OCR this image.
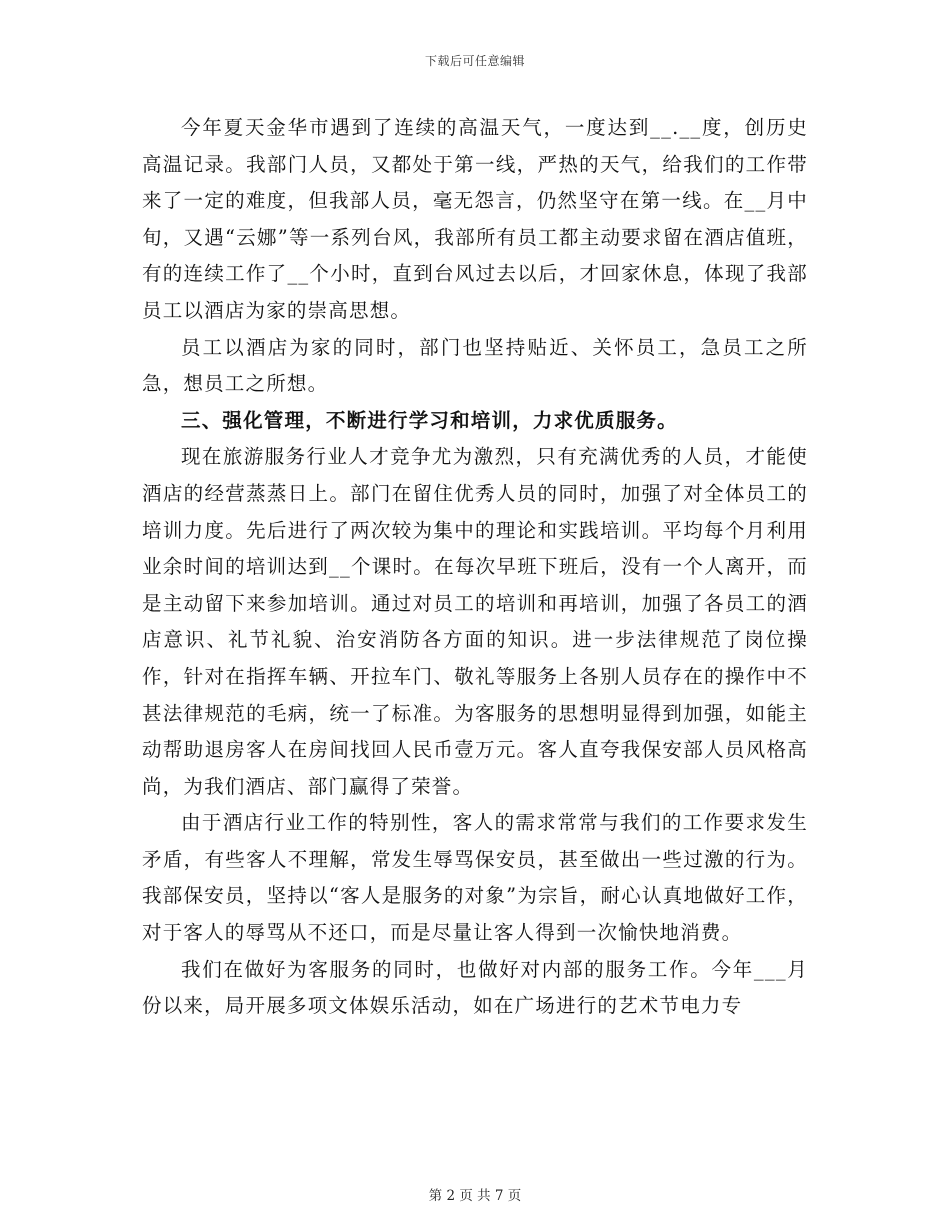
下载后可任意编辑

今年夏天金华市遇到了连续的高温天气，一度达到__.__度，创历史高温记录。我部门人员，又都处于第一线，严热的天气，给我们的工作带来了一定的难度，但我部人员，毫无怨言，仍然坚守在第一线。在__月中旬，又遇“云娜”等一系列台风，我部所有员工都主动要求留在酒店值班，有的连续工作了__个小时，直到台风过去以后，才回家休息，体现了我部员工以酒店为家的崇高思想。

员工以酒店为家的同时，部门也坚持贴近、关怀员工，急员工之所急，想员工之所想。

三、强化管理，不断进行学习和培训，力求优质服务。

现在旅游服务行业人才竞争尤为激烈，只有充满优秀的人员，才能使酒店的经营蒸蒸日上。部门在留住优秀人员的同时，加强了对全体员工的培训力度。先后进行了两次较为集中的理论和实践培训。平均每个月利用业余时间的培训达到__个课时。在每次早班下班后，没有一个人离开，而是主动留下来参加培训。通过对员工的培训和再培训，加强了各员工的酒店意识、礼节礼貌、治安消防各方面的知识。进一步法律规范了岗位操作，针对在指挥车辆、开拉车门、敬礼等服务上各别人员存在的操作中不甚法律规范的毛病，统一了标准。为客服务的思想明显得到加强，如能主动帮助退房客人在房间找回人民币壹万元。客人直夸我保安部人员风格高尚，为我们酒店、部门赢得了荣誉。

由于酒店行业工作的特别性，客人的需求常常与我们的工作要求发生矛盾，有些客人不理解，常发生辱骂保安员，甚至做出一些过激的行为。我部保安员，坚持以“客人是服务的对象”为宗旨，耐心认真地做好工作，对于客人的辱骂从不还口，而是尽量让客人得到一次愉快地消费。

我们在做好为客服务的同时，也做好对内部的服务工作。今年___月份以来，局开展多项文体娱乐活动，如在广场进行的艺术节电力专

第 2 页 共 7 页
